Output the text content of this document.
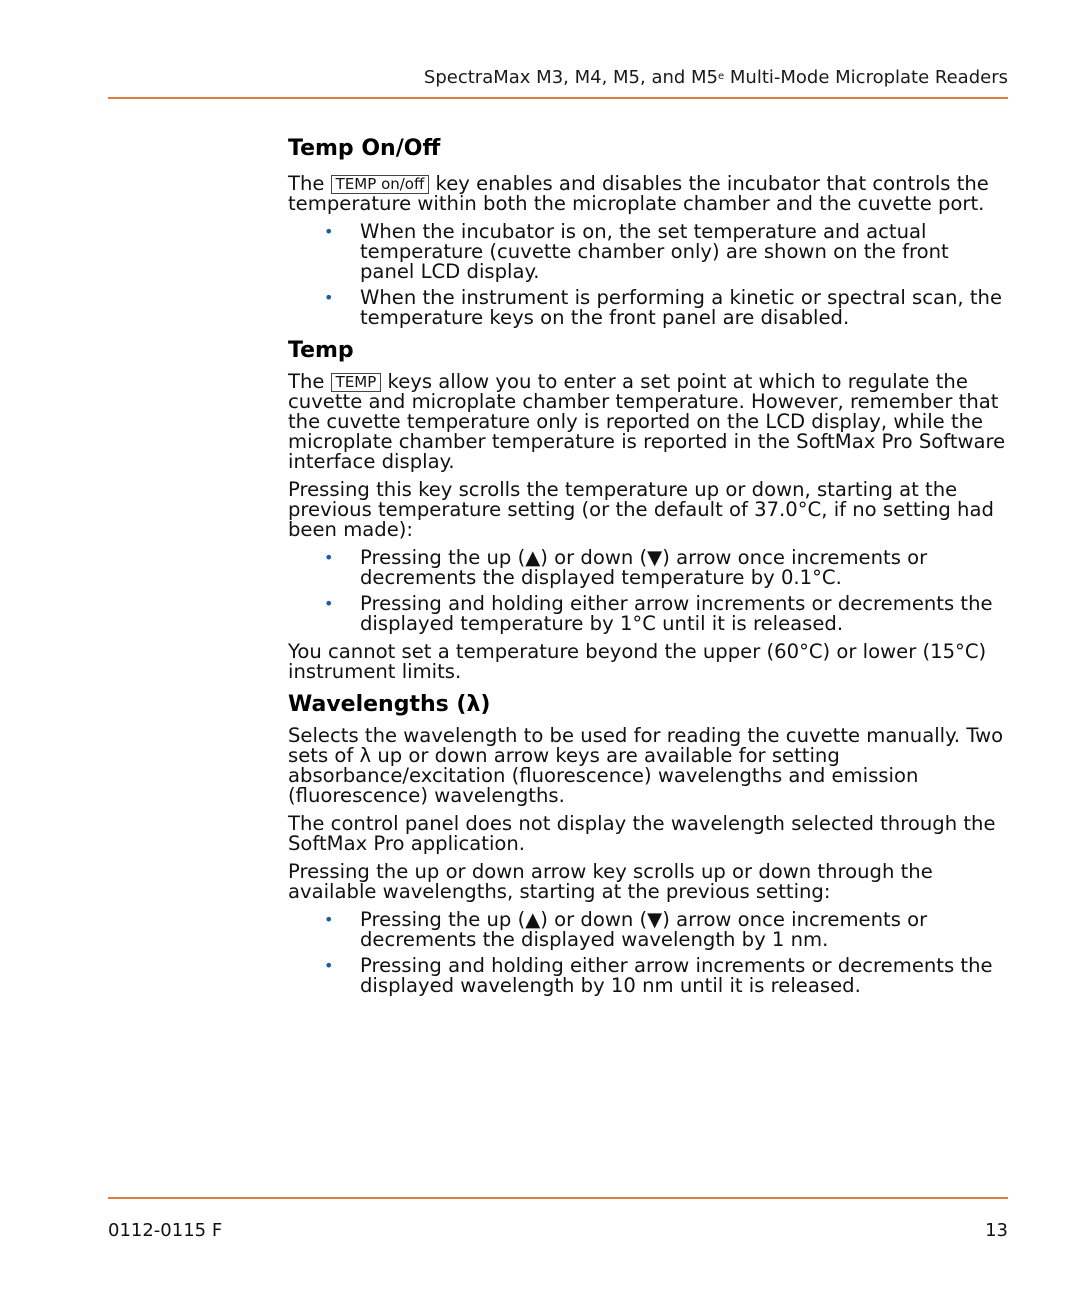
SpectraMax M3, M4, M5, and M5e Multi-Mode Microplate Readers
Temp On/Off

The TEMP on/off key enables and disables the incubator that controls the temperature within both the microplate chamber and the cuvette port.

• When the incubator is on, the set temperature and actual temperature (cuvette chamber only) are shown on the front panel LCD display.
• When the instrument is performing a kinetic or spectral scan, the temperature keys on the front panel are disabled.
Temp

The TEMP keys allow you to enter a set point at which to regulate the cuvette and microplate chamber temperature. However, remember that the cuvette temperature only is reported on the LCD display, while the microplate chamber temperature is reported in the SoftMax Pro Software interface display.

Pressing this key scrolls the temperature up or down, starting at the previous temperature setting (or the default of 37.0°C, if no setting had been made):

• Pressing the up (▲) or down (▼) arrow once increments or decrements the displayed temperature by 0.1°C.
• Pressing and holding either arrow increments or decrements the displayed temperature by 1°C until it is released.

You cannot set a temperature beyond the upper (60°C) or lower (15°C) instrument limits.

Wavelengths (λ)

Selects the wavelength to be used for reading the cuvette manually. Two sets of λ up or down arrow keys are available for setting absorbance/excitation (fluorescence) wavelengths and emission (fluorescence) wavelengths.

The control panel does not display the wavelength selected through the SoftMax Pro application.

Pressing the up or down arrow key scrolls up or down through the available wavelengths, starting at the previous setting:

• Pressing the up (▲) or down (▼) arrow once increments or decrements the displayed wavelength by 1 nm.
• Pressing and holding either arrow increments or decrements the displayed wavelength by 10 nm until it is released.
0112-0115 F	13
